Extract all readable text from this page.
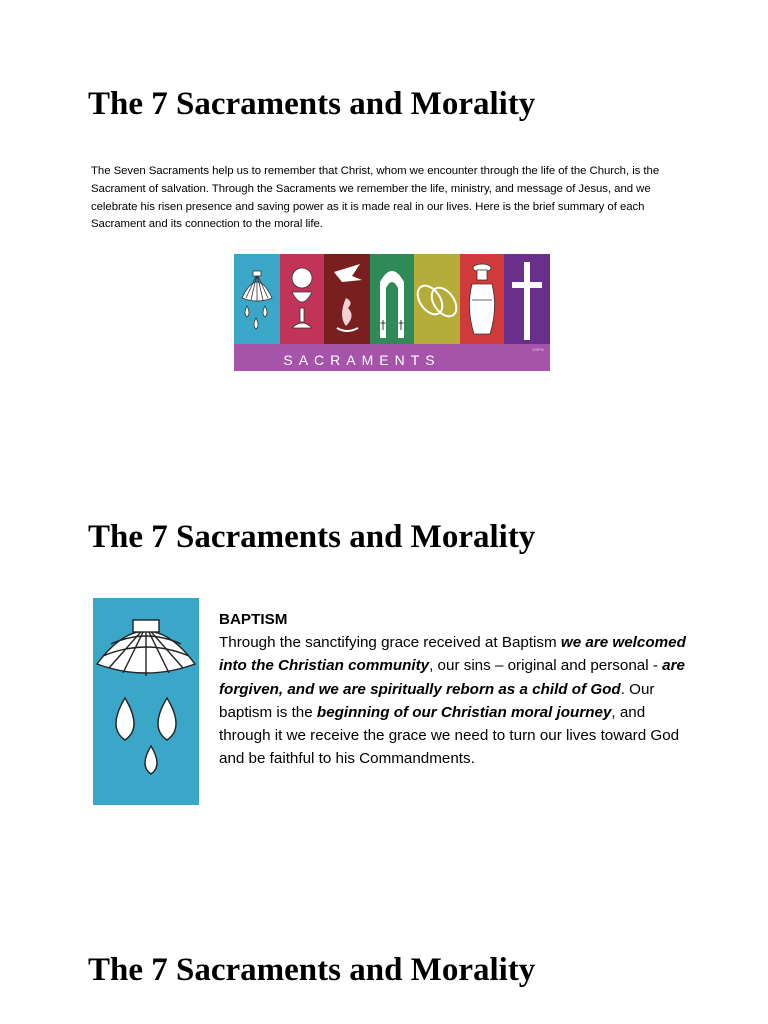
The 7 Sacraments and Morality

The Seven Sacraments help us to remember that Christ, whom we encounter through the life of the Church, is the Sacrament of salvation. Through the Sacraments we remember the life, ministry, and message of Jesus, and we celebrate his risen presence and saving power as it is made real in our lives. Here is the brief summary of each Sacrament and its connection to the moral life.

SACRAMENTS
©SPN
The 7 Sacraments and Morality
BAPTISM

Through the sanctifying grace received at Baptism we are welcomed into the Christian community, our sins – original and personal - are forgiven, and we are spiritually reborn as a child of God. Our baptism is the beginning of our Christian moral journey, and through it we receive the grace we need to turn our lives toward God and be faithful to his Commandments.

The 7 Sacraments and Morality
